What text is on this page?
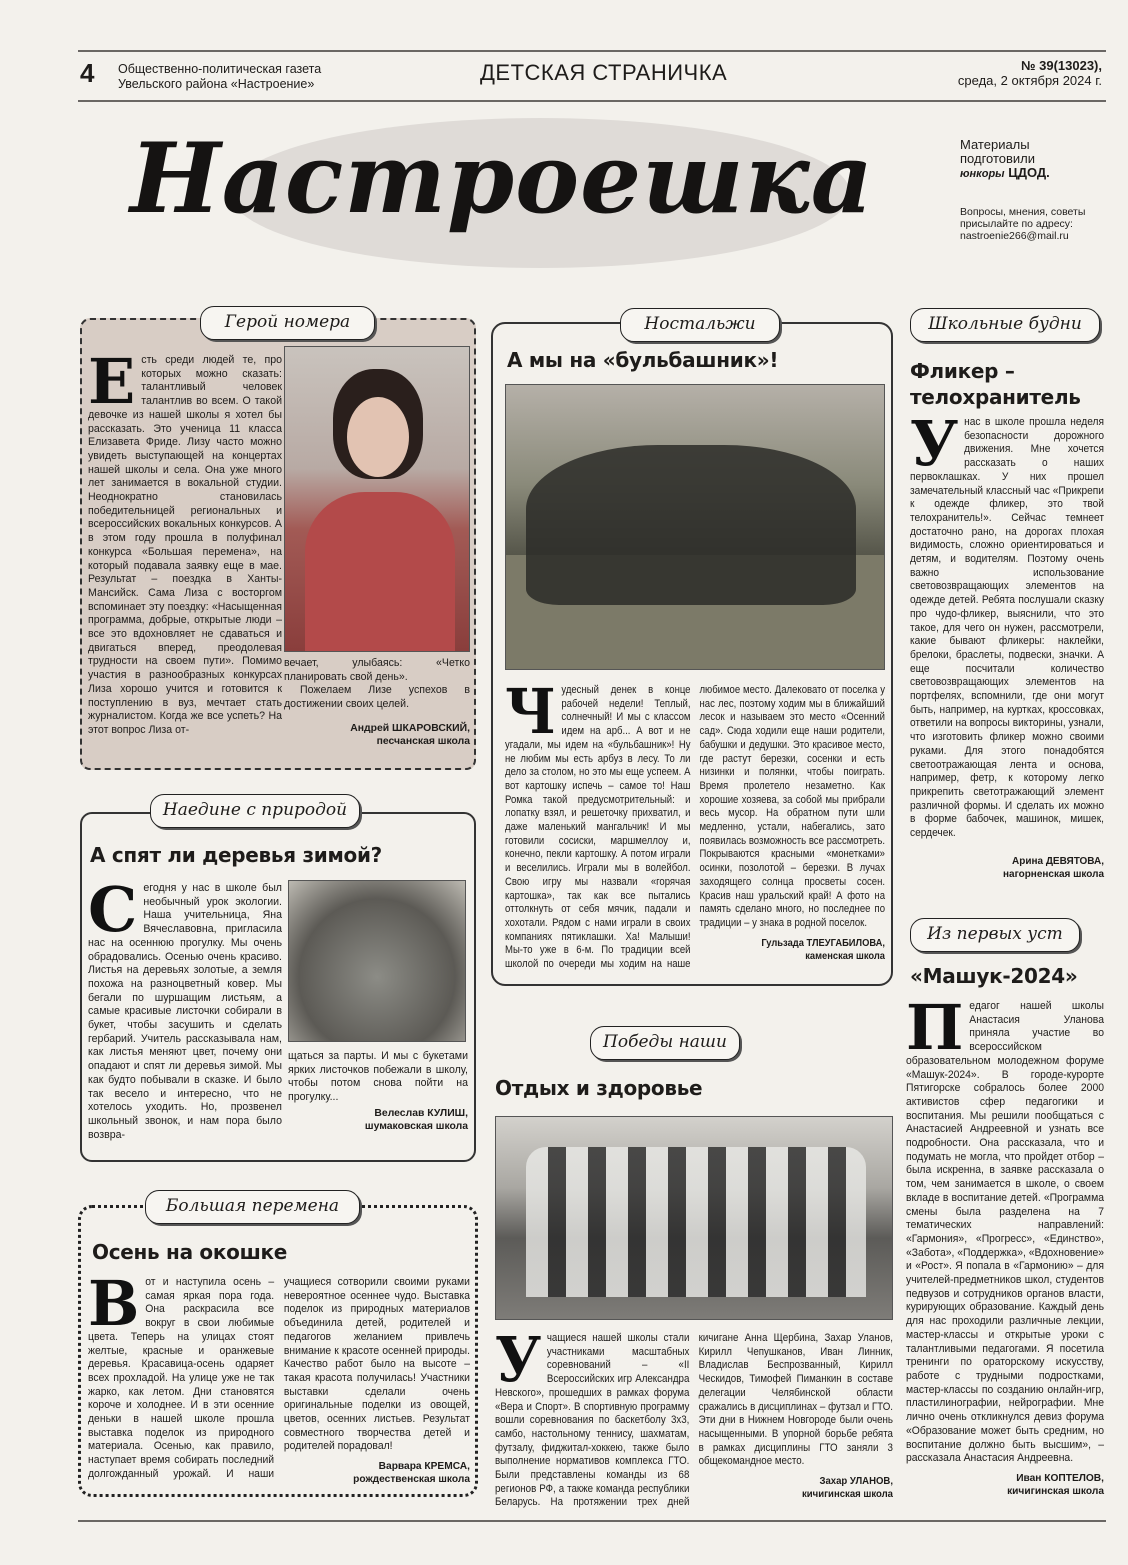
4 Общественно-политическая газета
Увельского района «Настроение»	ДЕТСКАЯ СТРАНИЧКА	№ 39(13023),
среда, 2 октября 2024 г.
Настроешка	Материалы
подготовили
юнкоры ЦДОД.
Вопросы, мнения, советы
присылайте по адресу:
nastroenie266@mail.ru
Герой номера
Есть среди людей те, про которых можно сказать: талантливый человек талантлив во всем. О такой девочке из нашей школы я хотел бы рассказать. Это ученица 11 класса Елизавета Фриде. Лизу часто можно увидеть выступающей на концертах нашей школы и села. Она уже много лет занимается в вокальной студии. Неоднократно становилась победительницей региональных и всероссийских вокальных конкурсов. А в этом году прошла в полуфинал конкурса «Большая перемена», на который подавала заявку еще в мае. Результат – поездка в Ханты-Мансийск. Сама Лиза с восторгом вспоминает эту поездку: «Насыщенная программа, добрые, открытые люди – все это вдохновляет не сдаваться и двигаться вперед, преодолевая трудности на своем пути». Помимо участия в разнообразных конкурсах Лиза хорошо учится и готовится к поступлению в вуз, мечтает стать журналистом. Когда же все успеть? На этот вопрос Лиза от-

вечает, улыбаясь: «Четко планировать свой день».

Пожелаем Лизе успехов в достижении своих целей.

Андрей ШКАРОВСКИЙ,
песчанская школа
Ностальжи
А мы на «бульбашник»!
Чудесный денек в конце рабочей недели! Теплый, солнечный! И мы с классом идем на арб... А вот и не угадали, мы идем на «бульбашник»! Ну не любим мы есть арбуз в лесу. То ли дело за столом, но это мы еще успеем. А вот картошку испечь – самое то! Наш Ромка такой предусмотрительный: и лопатку взял, и решеточку прихватил, и даже маленький мангальчик! И мы готовили сосиски, маршмеллоу и, конечно, пекли картошку. А потом играли и веселились. Играли мы в волейбол. Свою игру мы назвали «горячая картошка», так как все пытались оттолкнуть от себя мячик, падали и хохотали. Рядом с нами играли в своих компаниях пятиклашки. Ха! Малыши! Мы-то уже в 6-м. По традиции всей школой по очереди мы ходим на наше любимое место. Далековато от поселка у нас лес, поэтому ходим мы в ближайший лесок и называем это место «Осенний сад». Сюда ходили еще наши родители, бабушки и дедушки. Это красивое место, где растут березки, сосенки и есть низинки и полянки, чтобы поиграть. Время пролетело незаметно. Как хорошие хозяева, за собой мы прибрали весь мусор. На обратном пути шли медленно, устали, набегались, зато появилась возможность все рассмотреть. Покрываются красными «монетками» осинки, позолотой – березки. В лучах заходящего солнца просветы сосен. Красив наш уральский край! А фото на память сделано много, но последнее по традиции – у знака в родной поселок.
Гульзада ТЛЕУГАБИЛОВА,
каменская школа
Школьные будни
Фликер – телохранитель
Унас в школе прошла неделя безопасности дорожного движения. Мне хочется рассказать о наших первоклашках. У них прошел замечательный классный час «Прикрепи к одежде фликер, это твой телохранитель!». Сейчас темнеет достаточно рано, на дорогах плохая видимость, сложно ориентироваться и детям, и водителям. Поэтому очень важно использование световозвращающих элементов на одежде детей. Ребята послушали сказку про чудо-фликер, выяснили, что это такое, для чего он нужен, рассмотрели, какие бывают фликеры: наклейки, брелоки, браслеты, подвески, значки. А еще посчитали количество световозвращающих элементов на портфелях, вспомнили, где они могут быть, например, на куртках, кроссовках, ответили на вопросы викторины, узнали, что изготовить фликер можно своими руками. Для этого понадобятся светоотражающая лента и основа, например, фетр, к которому легко прикрепить светотражающий элемент различной формы. И сделать их можно в форме бабочек, машинок, мишек, сердечек.
Арина ДЕВЯТОВА,
нагорненская школа
Наедине с природой
А спят ли деревья зимой?
Сегодня у нас в школе был необычный урок экологии. Наша учительница, Яна Вячеславовна, пригласила нас на осеннюю прогулку. Мы очень обрадовались. Осенью очень красиво. Листья на деревьях золотые, а земля похожа на разноцветный ковер. Мы бегали по шуршащим листьям, а самые красивые листочки собирали в букет, чтобы засушить и сделать гербарий. Учитель рассказывала нам, как листья меняют цвет, почему они опадают и спят ли деревья зимой. Мы как будто побывали в сказке. И было так весело и интересно, что не хотелось уходить. Но, прозвенел школьный звонок, и нам пора было возвра-

щаться за парты. И мы с букетами ярких листочков побежали в школу, чтобы потом снова пойти на прогулку...

Велеслав КУЛИШ,
шумаковская школа
Из первых уст
«Машук-2024»
Педагог нашей школы Анастасия Уланова приняла участие во всероссийском образовательном молодежном форуме «Машук-2024». В городе-курорте Пятигорске собралось более 2000 активистов сфер педагогики и воспитания. Мы решили пообщаться с Анастасией Андреевной и узнать все подробности. Она рассказала, что и подумать не могла, что пройдет отбор – была искренна, в заявке рассказала о том, чем занимается в школе, о своем вкладе в воспитание детей. «Программа смены была разделена на 7 тематических направлений: «Гармония», «Прогресс», «Единство», «Забота», «Поддержка», «Вдохновение» и «Рост». Я попала в «Гармонию» – для учителей-предметников школ, студентов педвузов и сотрудников органов власти, курирующих образование. Каждый день для нас проходили различные лекции, мастер-классы и открытые уроки с талантливыми педагогами. Я посетила тренинги по ораторскому искусству, работе с трудными подростками, мастер-классы по созданию онлайн-игр, пластилинографии, нейрографии. Мне лично очень откликнулся девиз форума «Образование может быть средним, но воспитание должно быть высшим», – рассказала Анастасия Андреевна.
Иван КОПТЕЛОВ,
кичигинская школа
Победы наши
Отдых и здоровье
Учащиеся нашей школы стали участниками масштабных соревнований – «II Всероссийских игр Александра Невского», прошедших в рамках форума «Вера и Спорт». В спортивную программу вошли соревнования по баскетболу 3х3, самбо, настольному теннису, шахматам, футзалу, фиджитал-хоккею, также было выполнение нормативов комплекса ГТО. Были представлены команды из 68 регионов РФ, а также команда республики Беларусь. На протяжении трех дней кичигане Анна Щербина, Захар Уланов, Кирилл Чепушканов, Иван Линник, Владислав Беспрозванный, Кирилл Ческидов, Тимофей Пиманкин в составе делегации Челябинской области сражались в дисциплинах – футзал и ГТО. Эти дни в Нижнем Новгороде были очень насыщенными. В упорной борьбе ребята в рамках дисциплины ГТО заняли 3 общекомандное место.
Захар УЛАНОВ,
кичигинская школа
Большая перемена
Осень на окошке
Вот и наступила осень – самая яркая пора года. Она раскрасила все вокруг в свои любимые цвета. Теперь на улицах стоят желтые, красные и оранжевые деревья. Красавица-осень одаряет всех прохладой. На улице уже не так жарко, как летом. Дни становятся короче и холоднее. И в эти осенние деньки в нашей школе прошла выставка поделок из природного материала. Осенью, как правило, наступает время собирать последний долгожданный урожай. И наши учащиеся сотворили своими руками невероятное осеннее чудо. Выставка поделок из природных материалов объединила детей, родителей и педагогов желанием привлечь внимание к красоте осенней природы. Качество работ было на высоте – такая красота получилась! Участники выставки сделали очень оригинальные поделки из овощей, цветов, осенних листьев. Результат совместного творчества детей и родителей порадовал!
Варвара КРЕМСА,
рождественская школа
